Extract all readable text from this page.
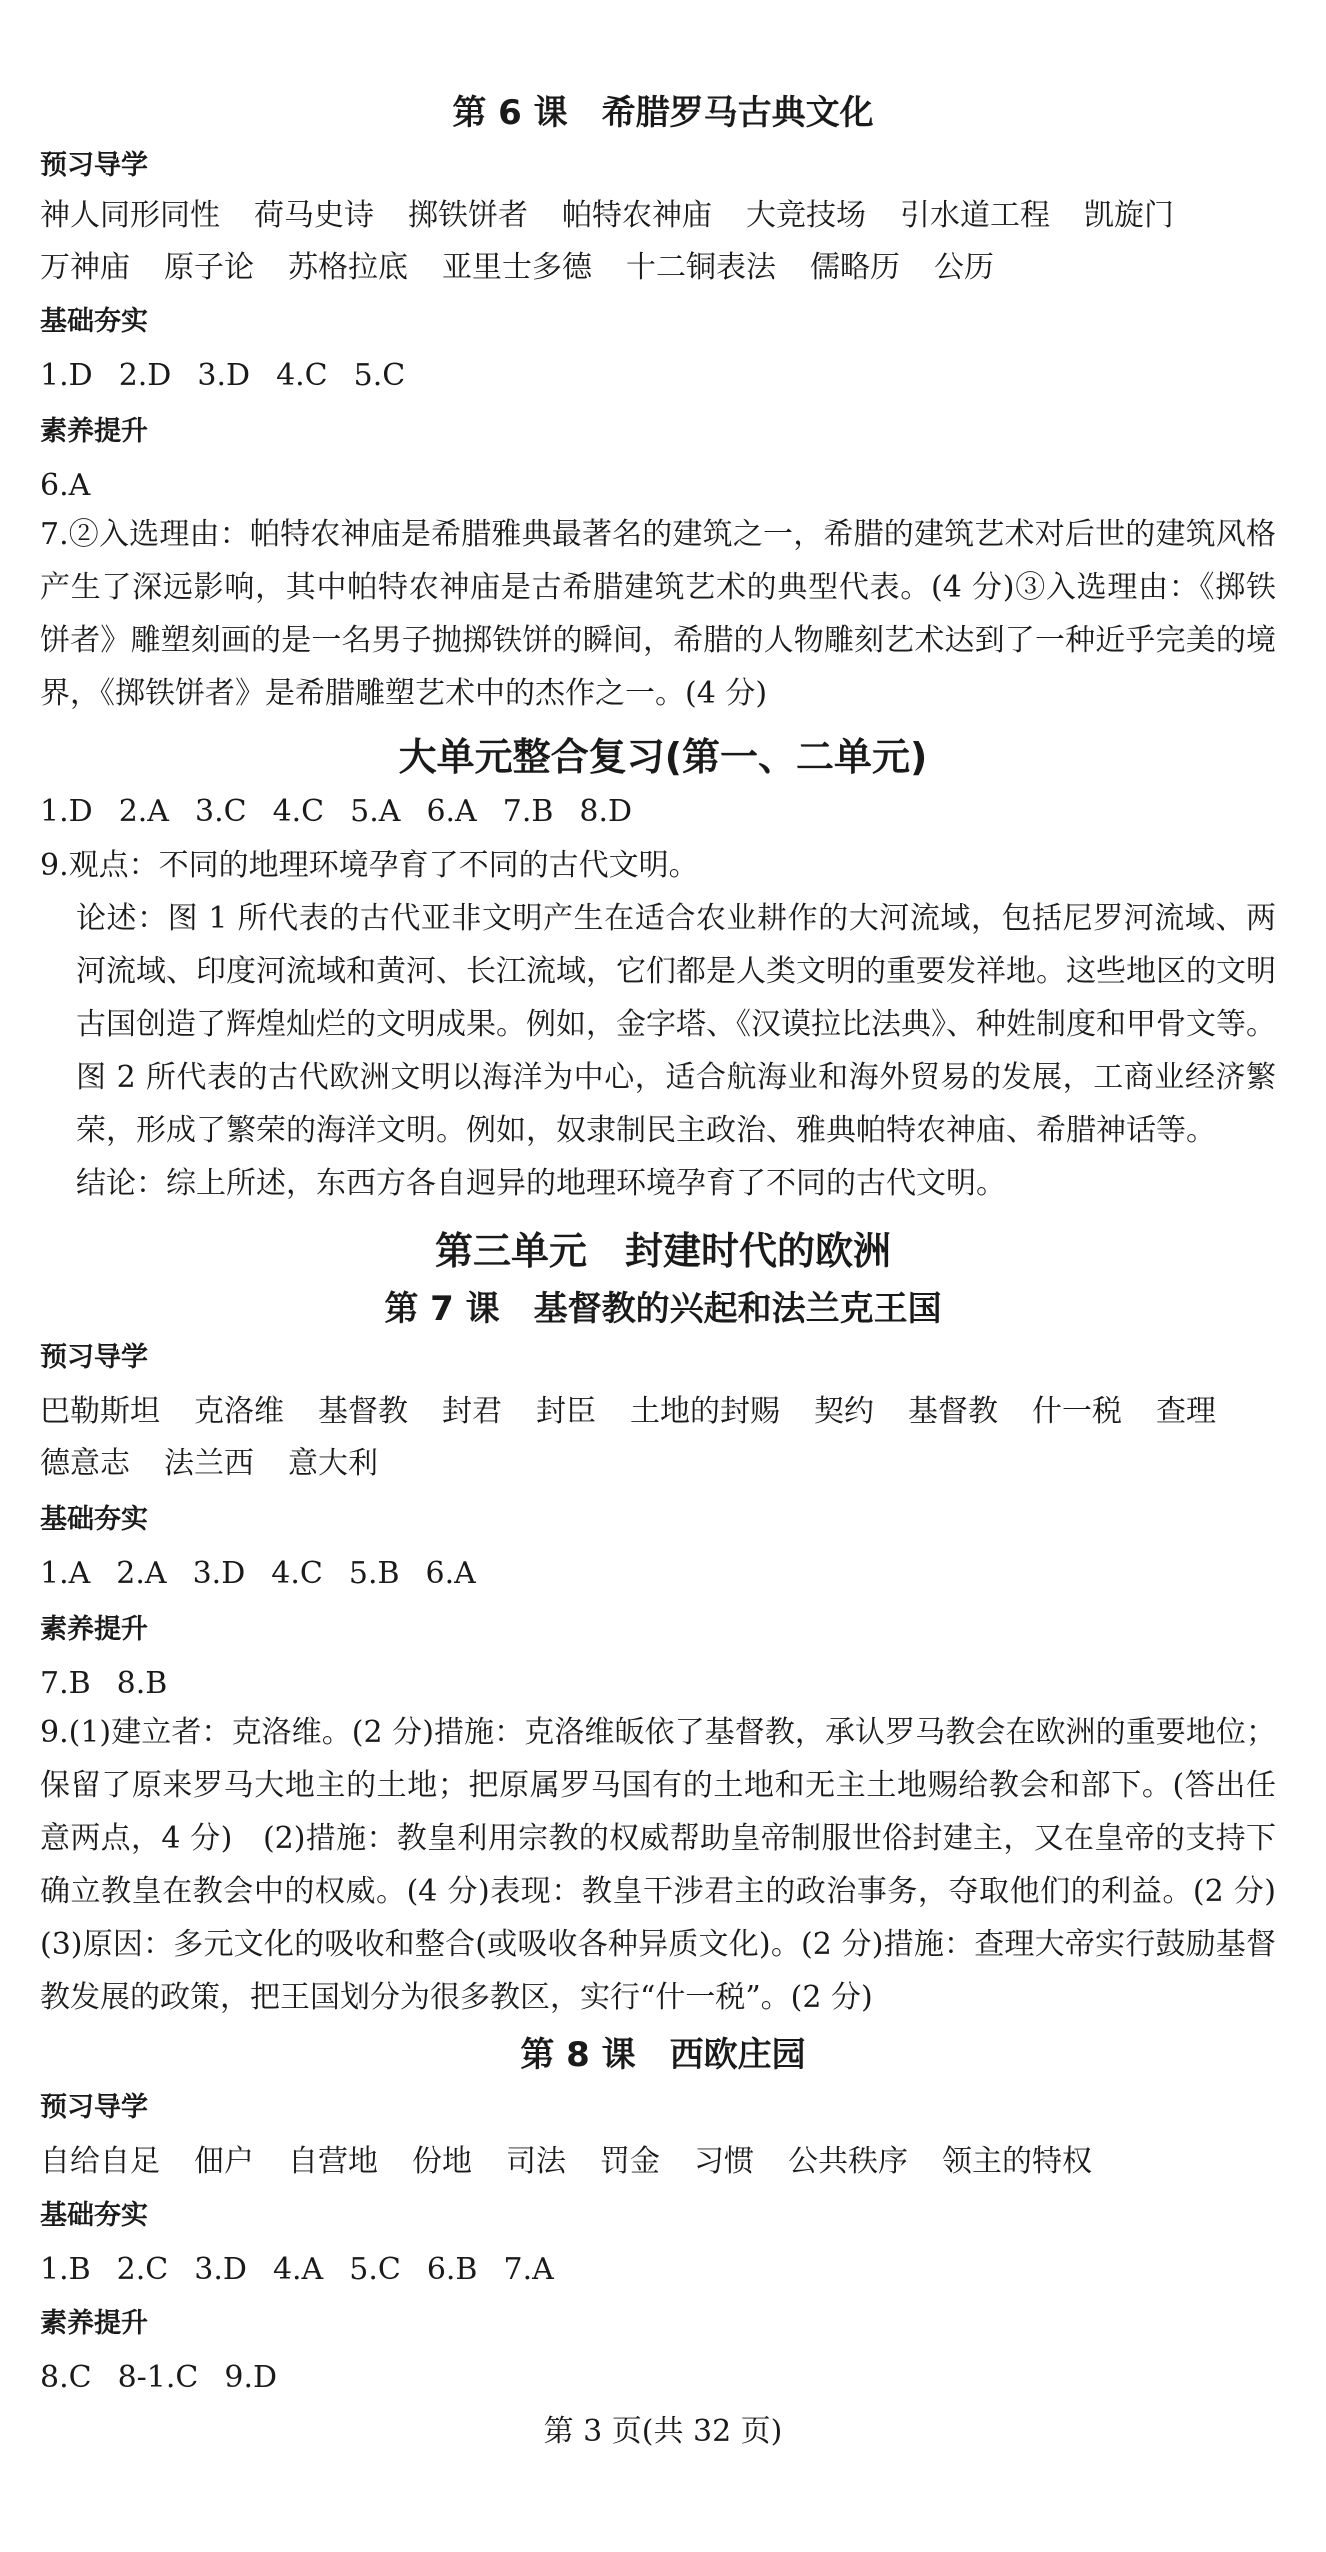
第 6 课　希腊罗马古典文化
预习导学
神人同形同性 荷马史诗 掷铁饼者 帕特农神庙 大竞技场 引水道工程 凯旋门
万神庙 原子论 苏格拉底 亚里士多德 十二铜表法 儒略历 公历
基础夯实
1.D 2.D 3.D 4.C 5.C
素养提升
6.A
7.②入选理由：帕特农神庙是希腊雅典最著名的建筑之一，希腊的建筑艺术对后世的建筑风格产生了深远影响，其中帕特农神庙是古希腊建筑艺术的典型代表。(4 分)③入选理由：《掷铁饼者》雕塑刻画的是一名男子抛掷铁饼的瞬间，希腊的人物雕刻艺术达到了一种近乎完美的境界，《掷铁饼者》是希腊雕塑艺术中的杰作之一。(4 分)
大单元整合复习(第一、二单元)
1.D 2.A 3.C 4.C 5.A 6.A 7.B 8.D
9.观点：不同的地理环境孕育了不同的古代文明。
论述：图 1 所代表的古代亚非文明产生在适合农业耕作的大河流域，包括尼罗河流域、两河流域、印度河流域和黄河、长江流域，它们都是人类文明的重要发祥地。这些地区的文明古国创造了辉煌灿烂的文明成果。例如，金字塔、《汉谟拉比法典》、种姓制度和甲骨文等。图 2 所代表的古代欧洲文明以海洋为中心，适合航海业和海外贸易的发展，工商业经济繁荣，形成了繁荣的海洋文明。例如，奴隶制民主政治、雅典帕特农神庙、希腊神话等。
结论：综上所述，东西方各自迥异的地理环境孕育了不同的古代文明。
第三单元　封建时代的欧洲
第 7 课　基督教的兴起和法兰克王国
预习导学
巴勒斯坦 克洛维 基督教 封君 封臣 土地的封赐 契约 基督教 什一税 查理
德意志 法兰西 意大利
基础夯实
1.A 2.A 3.D 4.C 5.B 6.A
素养提升
7.B 8.B
9.(1)建立者：克洛维。(2 分)措施：克洛维皈依了基督教，承认罗马教会在欧洲的重要地位；保留了原来罗马大地主的土地；把原属罗马国有的土地和无主土地赐给教会和部下。(答出任意两点，4 分)　(2)措施：教皇利用宗教的权威帮助皇帝制服世俗封建主，又在皇帝的支持下确立教皇在教会中的权威。(4 分)表现：教皇干涉君主的政治事务，夺取他们的利益。(2 分)　(3)原因：多元文化的吸收和整合(或吸收各种异质文化)。(2 分)措施：查理大帝实行鼓励基督教发展的政策，把王国划分为很多教区，实行“什一税”。(2 分)
第 8 课　西欧庄园
预习导学
自给自足 佃户 自营地 份地 司法 罚金 习惯 公共秩序 领主的特权
基础夯实
1.B 2.C 3.D 4.A 5.C 6.B 7.A
素养提升
8.C 8-1.C 9.D
第 3 页(共 32 页)
